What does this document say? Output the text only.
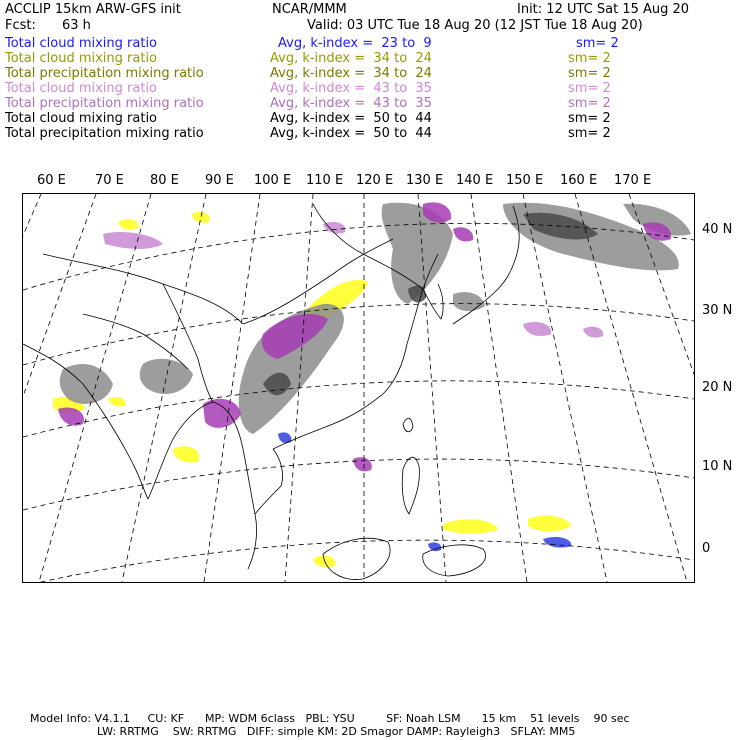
ACCLIP 15km ARW-GFS init	NCAR/MMM	Init: 12 UTC Sat 15 Aug 20
Fcst: 63 h	Valid: 03 UTC Tue 18 Aug 20 (12 JST Tue 18 Aug 20)
Total cloud mixing ratio	Avg, k-index =  23 to  9	sm= 2
Total cloud mixing ratio	Avg, k-index =  34 to  24	sm= 2
Total precipitation mixing ratio	Avg, k-index =  34 to  24	sm= 2
Total cloud mixing ratio	Avg, k-index =  43 to  35	sm= 2
Total precipitation mixing ratio	Avg, k-index =  43 to  35	sm= 2
Total cloud mixing ratio	Avg, k-index =  50 to  44	sm= 2
Total precipitation mixing ratio	Avg, k-index =  50 to  44	sm= 2
60 E 70 E 80 E 90 E 100 E 110 E 120 E 130 E 140 E 150 E 160 E 170 E
40 N
30 N
20 N
10 N
0
Model Info: V4.1.1     CU: KF      MP: WDM 6class   PBL: YSU         SF: Noah LSM      15 km    51 levels    90 sec
LW: RRTMG    SW: RRTMG   DIFF: simple KM: 2D Smagor DAMP: Rayleigh3   SFLAY: MM5
